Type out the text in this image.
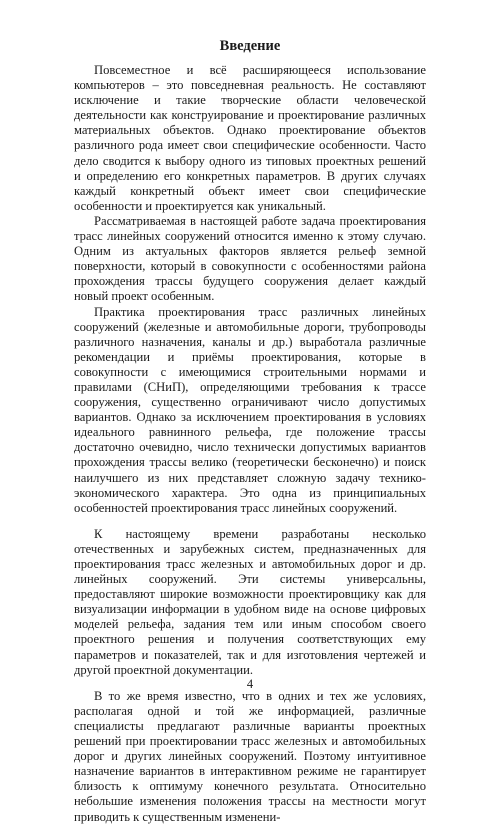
Введение

Повсеместное и всё расширяющееся использование компьютеров – это повседневная реальность. Не составляют исключение и такие творческие области человеческой деятельности как конструирование и проектирование различных материальных объектов. Однако проектирование объектов различного рода имеет свои специфические особенности. Часто дело сводится к выбору одного из типовых проектных решений и определению его конкретных параметров. В других случаях каждый конкретный объект имеет свои специфические особенности и проектируется как уникальный.

Рассматриваемая в настоящей работе задача проектирования трасс линейных сооружений относится именно к этому случаю. Одним из актуальных факторов является рельеф земной поверхности, который в совокупности с особенностями района прохождения трассы будущего сооружения делает каждый новый проект особенным.

Практика проектирования трасс различных линейных сооружений (железные и автомобильные дороги, трубопроводы различного назначения, каналы и др.) выработала различные рекомендации и приёмы проектирования, которые в совокупности с имеющимися строительными нормами и правилами (СНиП), определяющими требования к трассе сооружения, существенно ограничивают число допустимых вариантов. Однако за исключением проектирования в условиях идеального равнинного рельефа, где положение трассы достаточно очевидно, число технически допустимых вариантов прохождения трассы велико (теоретически бесконечно) и поиск наилучшего из них представляет сложную задачу технико-экономического характера. Это одна из принципиальных особенностей проектирования трасс линейных сооружений.

К настоящему времени разработаны несколько отечественных и зарубежных систем, предназначенных для проектирования трасс железных и автомобильных дорог и др. линейных сооружений. Эти системы универсальны, предоставляют широкие возможности проектировщику как для визуализации информации в удобном виде на основе цифровых моделей рельефа, задания тем или иным способом своего проектного решения и получения соответствующих ему параметров и показателей, так и для изготовления чертежей и другой проектной документации.

В то же время известно, что в одних и тех же условиях, располагая одной и той же информацией, различные специалисты предлагают различные варианты проектных решений при проектировании трасс железных и автомобильных дорог и других линейных сооружений. Поэтому интуитивное назначение вариантов в интерактивном режиме не гарантирует близость к оптимуму конечного результата. Относительно небольшие изменения положения трассы на местности могут приводить к существенным изменени-

4
